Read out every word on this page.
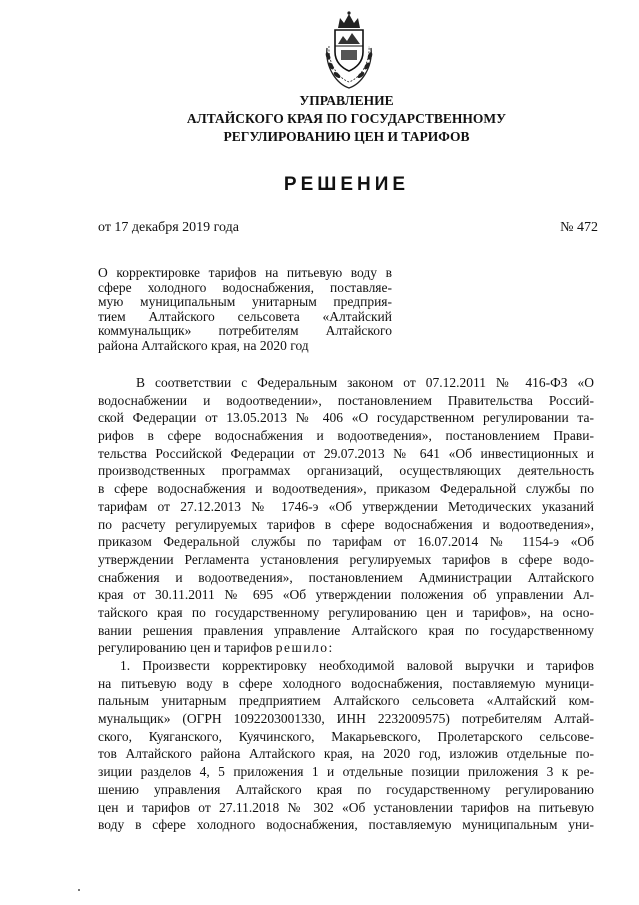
УПРАВЛЕНИЕ
АЛТАЙСКОГО КРАЯ ПО ГОСУДАРСТВЕННОМУ
РЕГУЛИРОВАНИЮ ЦЕН И ТАРИФОВ
РЕШЕНИЕ
от 17 декабря 2019 года	№ 472
О корректировке тарифов на питьевую воду в
сфере холодного водоснабжения, поставляе-
мую муниципальным унитарным предприя-
тием Алтайского сельсовета «Алтайский
коммунальщик» потребителям Алтайского
района Алтайского края, на 2020 год
В соответствии с Федеральным законом от 07.12.2011 № 416-ФЗ «О
водоснабжении и водоотведении», постановлением Правительства Россий-
ской Федерации от 13.05.2013 № 406 «О государственном регулировании та-
рифов в сфере водоснабжения и водоотведения», постановлением Прави-
тельства Российской Федерации от 29.07.2013 № 641 «Об инвестиционных и
производственных программах организаций, осуществляющих деятельность
в сфере водоснабжения и водоотведения», приказом Федеральной службы по
тарифам от 27.12.2013 № 1746-э «Об утверждении Методических указаний
по расчету регулируемых тарифов в сфере водоснабжения и водоотведения»,
приказом Федеральной службы по тарифам от 16.07.2014 № 1154-э «Об
утверждении Регламента установления регулируемых тарифов в сфере водо-
снабжения и водоотведения», постановлением Администрации Алтайского
края от 30.11.2011 № 695 «Об утверждении положения об управлении Ал-
тайского края по государственному регулированию цен и тарифов», на осно-
вании решения правления управление Алтайского края по государственному
регулированию цен и тарифов решило:
1. Произвести корректировку необходимой валовой выручки и тарифов
на питьевую воду в сфере холодного водоснабжения, поставляемую муници-
пальным унитарным предприятием Алтайского сельсовета «Алтайский ком-
мунальщик» (ОГРН 1092203001330, ИНН 2232009575) потребителям Алтай-
ского, Куяганского, Куячинского, Макарьевского, Пролетарского сельсове-
тов Алтайского района Алтайского края, на 2020 год, изложив отдельные по-
зиции разделов 4, 5 приложения 1 и отдельные позиции приложения 3 к ре-
шению управления Алтайского края по государственному регулированию
цен и тарифов от 27.11.2018 № 302 «Об установлении тарифов на питьевую
воду в сфере холодного водоснабжения, поставляемую муниципальным уни-
